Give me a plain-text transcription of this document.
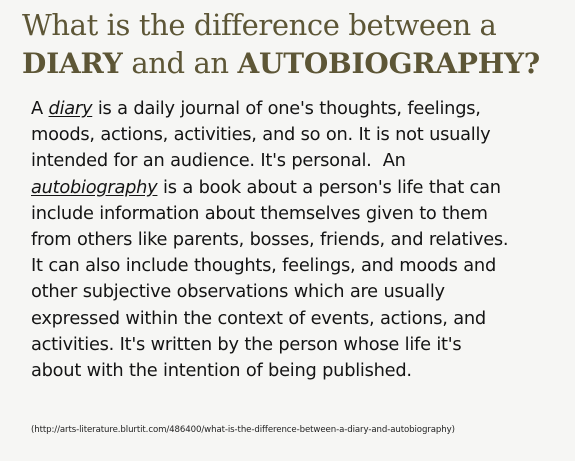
What is the difference between a
DIARY and an AUTOBIOGRAPHY?
A diary is a daily journal of one's thoughts, feelings,
moods, actions, activities, and so on. It is not usually
intended for an audience. It's personal.  An
autobiography is a book about a person's life that can
include information about themselves given to them
from others like parents, bosses, friends, and relatives.
It can also include thoughts, feelings, and moods and
other subjective observations which are usually
expressed within the context of events, actions, and
activities. It's written by the person whose life it's
about with the intention of being published.
(http://arts-literature.blurtit.com/486400/what-is-the-difference-between-a-diary-and-autobiography)
